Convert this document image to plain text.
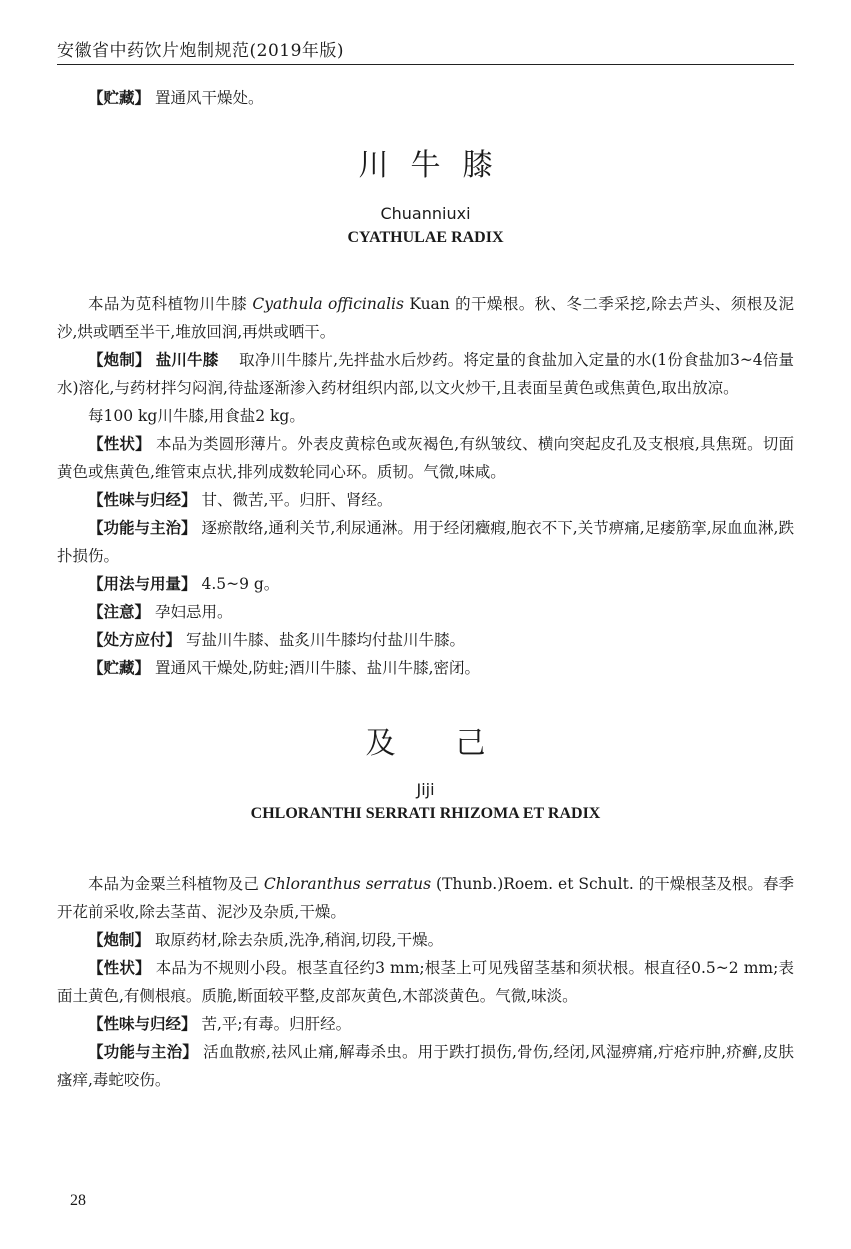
安徽省中药饮片炮制规范(2019年版)

【贮藏】 置通风干燥处。

川牛膝

Chuanniuxi

CYATHULAE RADIX

本品为苋科植物川牛膝 Cyathula officinalis Kuan 的干燥根。秋、冬二季采挖,除去芦头、须根及泥沙,烘或晒至半干,堆放回润,再烘或晒干。

【炮制】 盐川牛膝 　取净川牛膝片,先拌盐水后炒药。将定量的食盐加入定量的水(1份食盐加3~4倍量水)溶化,与药材拌匀闷润,待盐逐渐渗入药材组织内部,以文火炒干,且表面呈黄色或焦黄色,取出放凉。

每100 kg川牛膝,用食盐2 kg。

【性状】 本品为类圆形薄片。外表皮黄棕色或灰褐色,有纵皱纹、横向突起皮孔及支根痕,具焦斑。切面黄色或焦黄色,维管束点状,排列成数轮同心环。质韧。气微,味咸。

【性味与归经】 甘、微苦,平。归肝、肾经。

【功能与主治】 逐瘀散络,通利关节,利尿通淋。用于经闭癥瘕,胞衣不下,关节痹痛,足痿筋挛,尿血血淋,跌扑损伤。

【用法与用量】 4.5~9 g。

【注意】 孕妇忌用。

【处方应付】 写盐川牛膝、盐炙川牛膝均付盐川牛膝。

【贮藏】 置通风干燥处,防蛀;酒川牛膝、盐川牛膝,密闭。

及己

Jiji

CHLORANTHI SERRATI RHIZOMA ET RADIX

本品为金粟兰科植物及己 Chloranthus serratus (Thunb.)Roem. et Schult. 的干燥根茎及根。春季开花前采收,除去茎苗、泥沙及杂质,干燥。

【炮制】 取原药材,除去杂质,洗净,稍润,切段,干燥。

【性状】 本品为不规则小段。根茎直径约3 mm;根茎上可见残留茎基和须状根。根直径0.5~2 mm;表面土黄色,有侧根痕。质脆,断面较平整,皮部灰黄色,木部淡黄色。气微,味淡。

【性味与归经】 苦,平;有毒。归肝经。

【功能与主治】 活血散瘀,祛风止痛,解毒杀虫。用于跌打损伤,骨伤,经闭,风湿痹痛,疔疮疖肿,疥癣,皮肤瘙痒,毒蛇咬伤。

28
